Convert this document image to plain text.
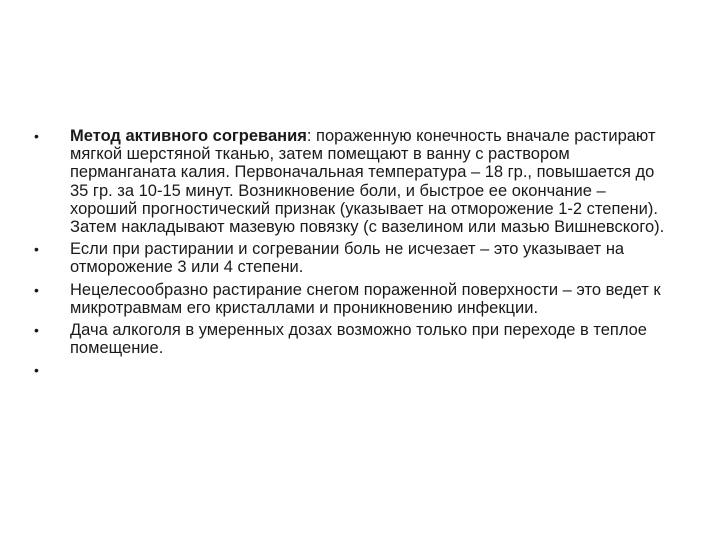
•	Метод активного согревания: пораженную конечность вначале растирают мягкой шерстяной тканью, затем помещают в ванну с раствором перманганата калия. Первоначальная температура – 18 гр., повышается до 35 гр. за 10-15 минут. Возникновение боли, и быстрое ее окончание – хороший прогностический признак (указывает на отморожение 1-2 степени). Затем накладывают мазевую повязку (с вазелином или мазью Вишневского).
•	Если при растирании и согревании боль не исчезает – это указывает на отморожение 3 или 4 степени.
•	Нецелесообразно растирание снегом пораженной поверхности – это ведет к микротравмам его кристаллами и проникновению инфекции.
•	Дача алкоголя в умеренных дозах возможно только при переходе в теплое помещение.
•
